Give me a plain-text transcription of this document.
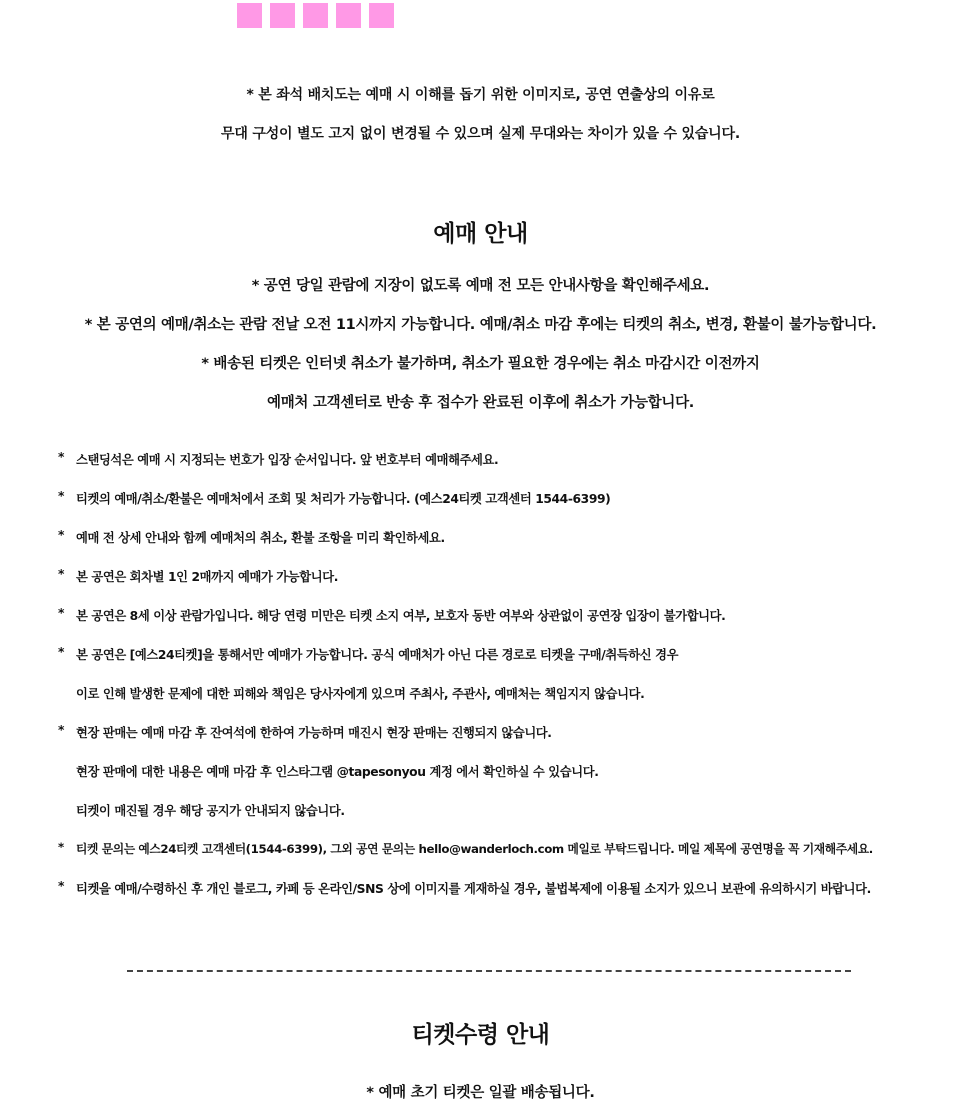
* 본 좌석 배치도는 예매 시 이해를 돕기 위한 이미지로, 공연 연출상의 이유로
무대 구성이 별도 고지 없이 변경될 수 있으며 실제 무대와는 차이가 있을 수 있습니다.
예매 안내
* 공연 당일 관람에 지장이 없도록 예매 전 모든 안내사항을 확인해주세요.
* 본 공연의 예매/취소는 관람 전날 오전 11시까지 가능합니다. 예매/취소 마감 후에는 티켓의 취소, 변경, 환불이 불가능합니다.
* 배송된 티켓은 인터넷 취소가 불가하며, 취소가 필요한 경우에는 취소 마감시간 이전까지
예매처 고객센터로 반송 후 접수가 완료된 이후에 취소가 가능합니다.
* 스탠딩석은 예매 시 지정되는 번호가 입장 순서입니다. 앞 번호부터 예매해주세요.
* 티켓의 예매/취소/환불은 예매처에서 조회 및 처리가 가능합니다. (예스24티켓 고객센터 1544-6399)
* 예매 전 상세 안내와 함께 예매처의 취소, 환불 조항을 미리 확인하세요.
* 본 공연은 회차별 1인 2매까지 예매가 가능합니다.
* 본 공연은 8세 이상 관람가입니다. 해당 연령 미만은 티켓 소지 여부, 보호자 동반 여부와 상관없이 공연장 입장이 불가합니다.
* 본 공연은 [예스24티켓]을 통해서만 예매가 가능합니다. 공식 예매처가 아닌 다른 경로로 티켓을 구매/취득하신 경우
이로 인해 발생한 문제에 대한 피해와 책임은 당사자에게 있으며 주최사, 주관사, 예매처는 책임지지 않습니다.
* 현장 판매는 예매 마감 후 잔여석에 한하여 가능하며 매진시 현장 판매는 진행되지 않습니다.
현장 판매에 대한 내용은 예매 마감 후 인스타그램 @tapesonyou 계정 에서 확인하실 수 있습니다.
티켓이 매진될 경우 해당 공지가 안내되지 않습니다.
* 티켓 문의는 예스24티켓 고객센터(1544-6399), 그외 공연 문의는 hello@wanderloch.com 메일로 부탁드립니다. 메일 제목에 공연명을 꼭 기재해주세요.
* 티켓을 예매/수령하신 후 개인 블로그, 카페 등 온라인/SNS 상에 이미지를 게재하실 경우, 불법복제에 이용될 소지가 있으니 보관에 유의하시기 바랍니다.
티켓수령 안내
* 예매 초기 티켓은 일괄 배송됩니다.
